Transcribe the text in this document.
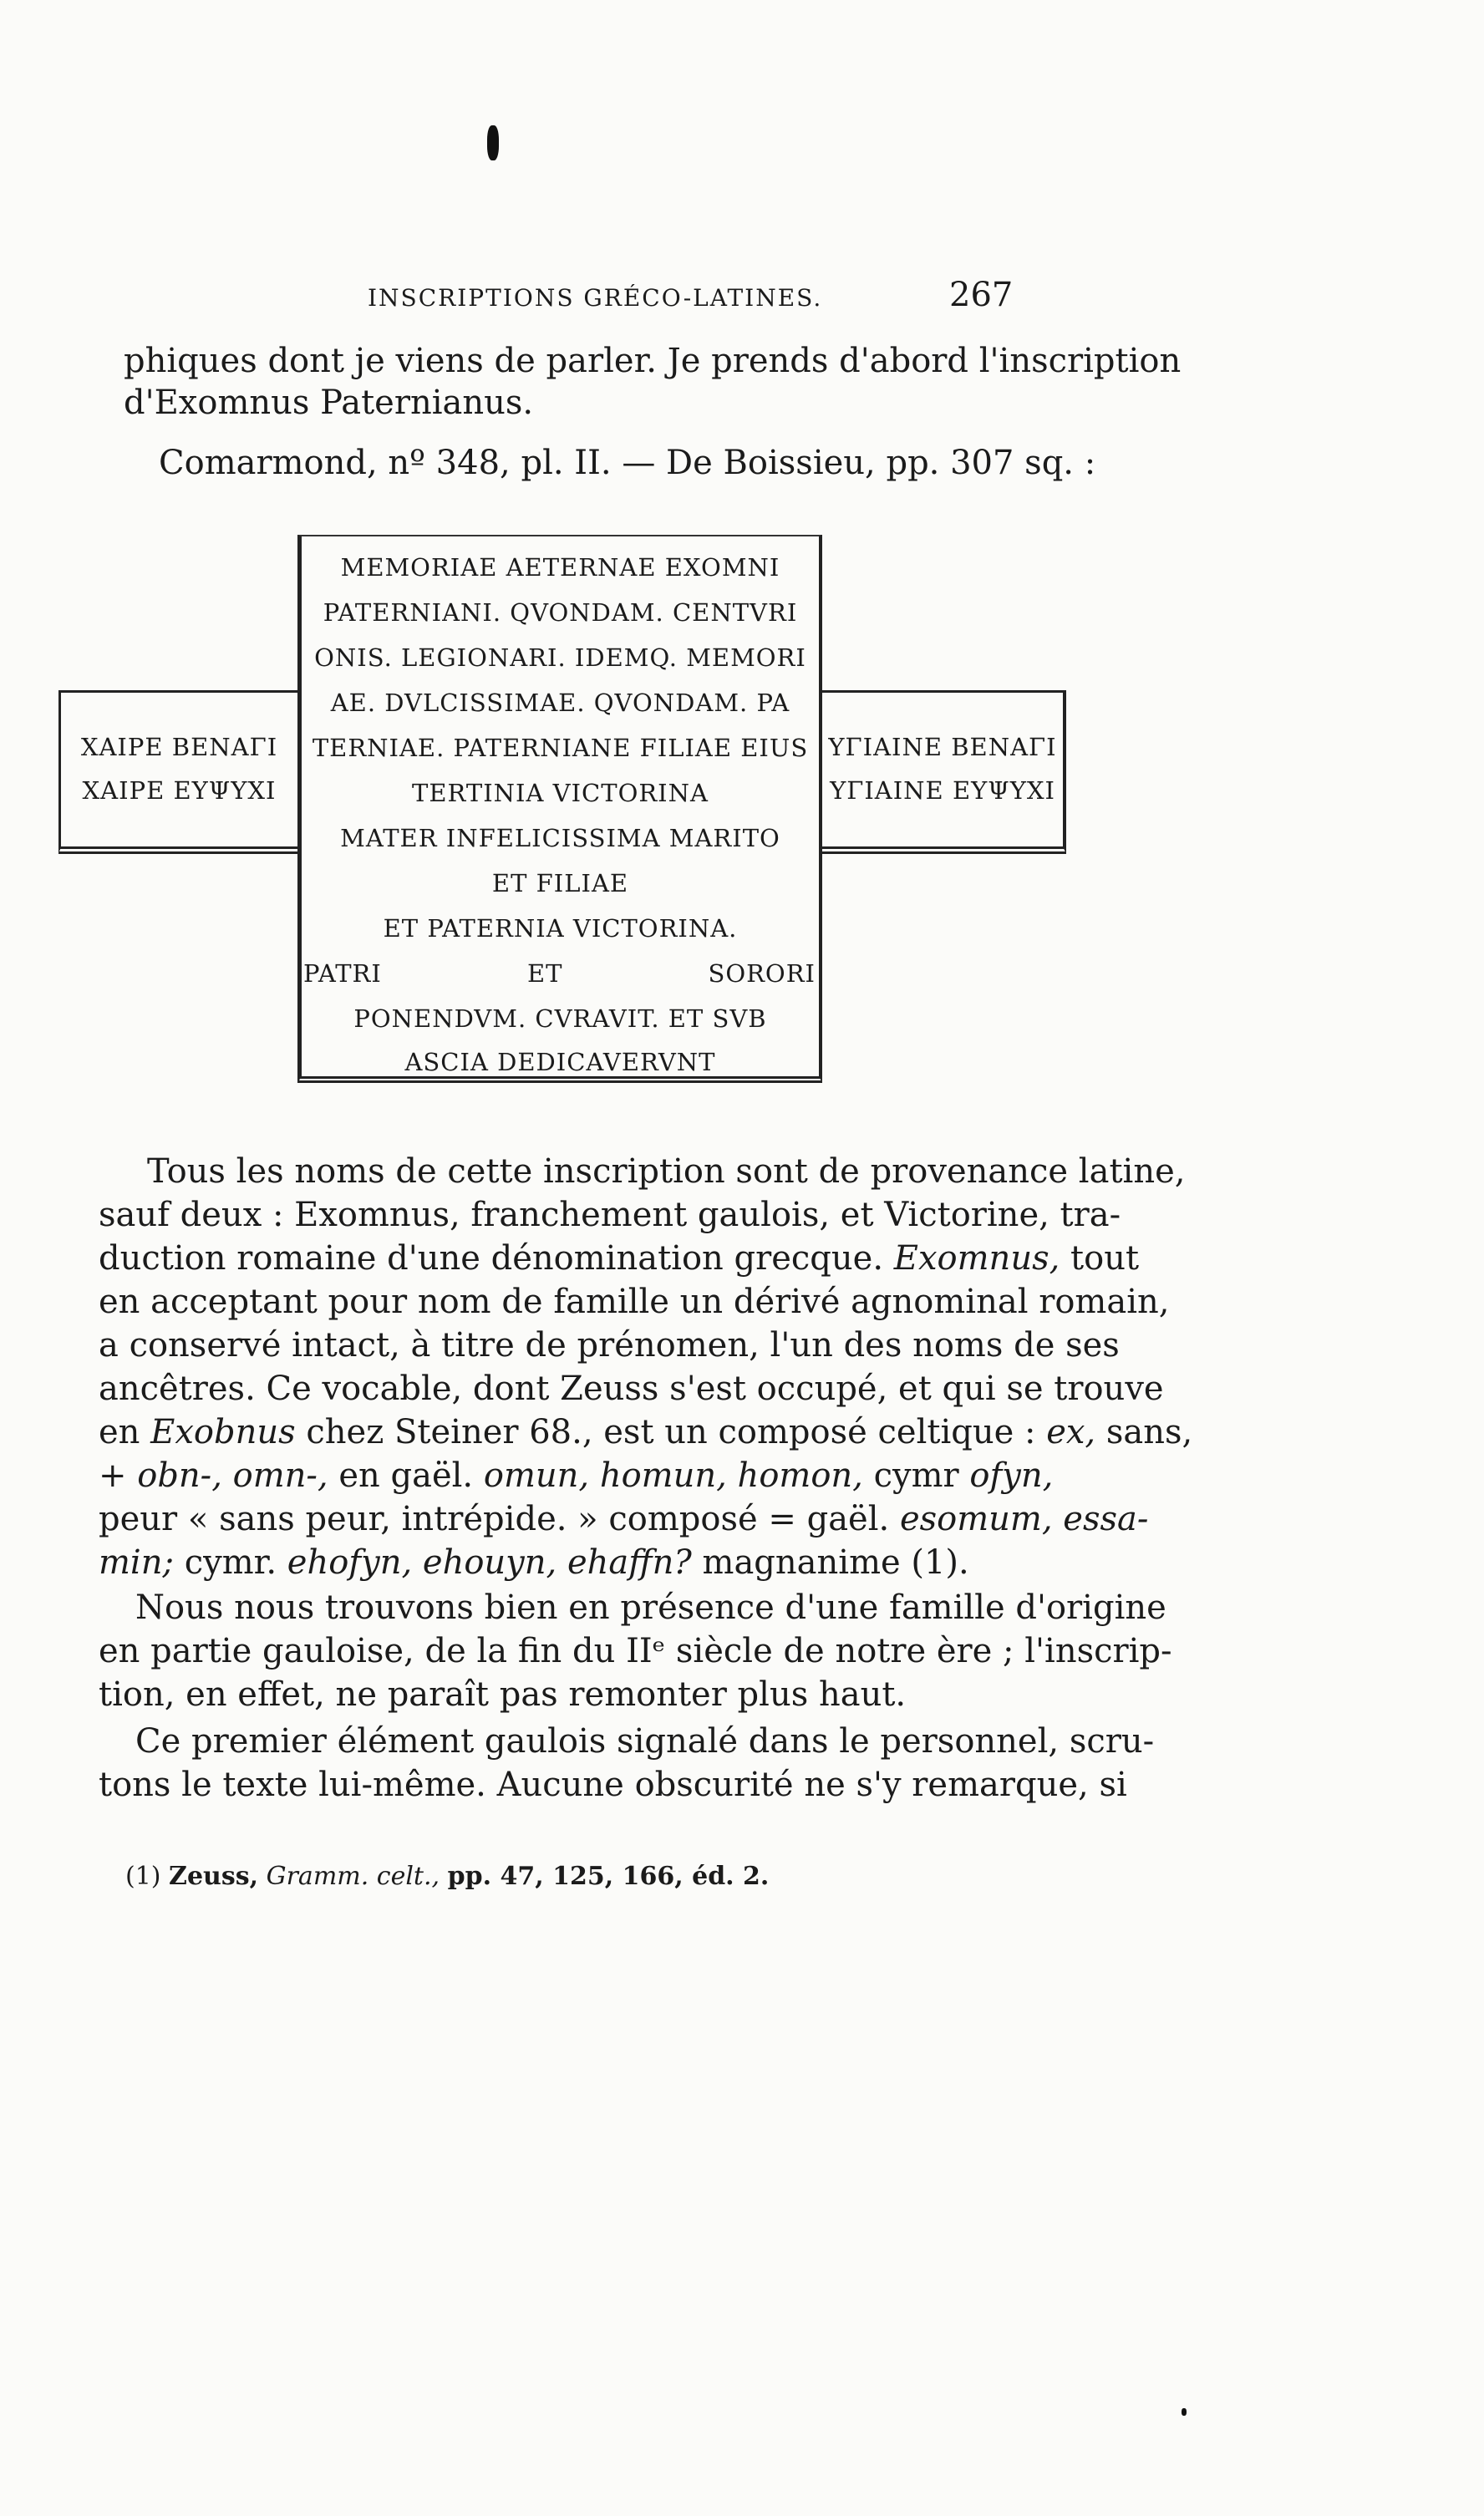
INSCRIPTIONS GRÉCO-LATINES.	267
phiques dont je viens de parler. Je prends d'abord l'inscription
d'Exomnus Paternianus.
Comarmond, nº 348, pl. II. — De Boissieu, pp. 307 sq. :
ΧΑΙΡΕ ΒΕΝΑΓΙ
ΧΑΙΡΕ ΕΥΨΥΧΙ
MEMORIAE AETERNAE EXOMNI
PATERNIANI. QVONDAM. CENTVRI
ONIS. LEGIONARI. IDEMQ. MEMORI
AE. DVLCISSIMAE. QVONDAM. PA
TERNIAE. PATERNIANE FILIAE EIUS
TERTINIA VICTORINA
MATER INFELICISSIMA MARITO
ET FILIAE
ET PATERNIA VICTORINA.
PATRI	ET	SORORI
PONENDVM. CVRAVIT. ET SVB
ASCIA DEDICAVERVNT
ΥΓΙΑΙΝΕ ΒΕΝΑΓΙ
ΥΓΙΑΙΝΕ ΕΥΨΥΧΙ
Tous les noms de cette inscription sont de provenance latine,
sauf deux : Exomnus, franchement gaulois, et Victorine, tra-
duction romaine d'une dénomination grecque. Exomnus, tout
en acceptant pour nom de famille un dérivé agnominal romain,
a conservé intact, à titre de prénomen, l'un des noms de ses
ancêtres. Ce vocable, dont Zeuss s'est occupé, et qui se trouve
en Exobnus chez Steiner 68., est un composé celtique : ex, sans,
+ obn-, omn-, en gaël. omun, homun, homon, cymr ofyn,
peur « sans peur, intrépide. » composé = gaël. esomum, essa-
min; cymr. ehofyn, ehouyn, ehaffn? magnanime (1).
Nous nous trouvons bien en présence d'une famille d'origine
en partie gauloise, de la fin du IIᵉ siècle de notre ère ; l'inscrip-
tion, en effet, ne paraît pas remonter plus haut.
Ce premier élément gaulois signalé dans le personnel, scru-
tons le texte lui-même. Aucune obscurité ne s'y remarque, si
(1) Zeuss, Gramm. celt., pp. 47, 125, 166, éd. 2.
